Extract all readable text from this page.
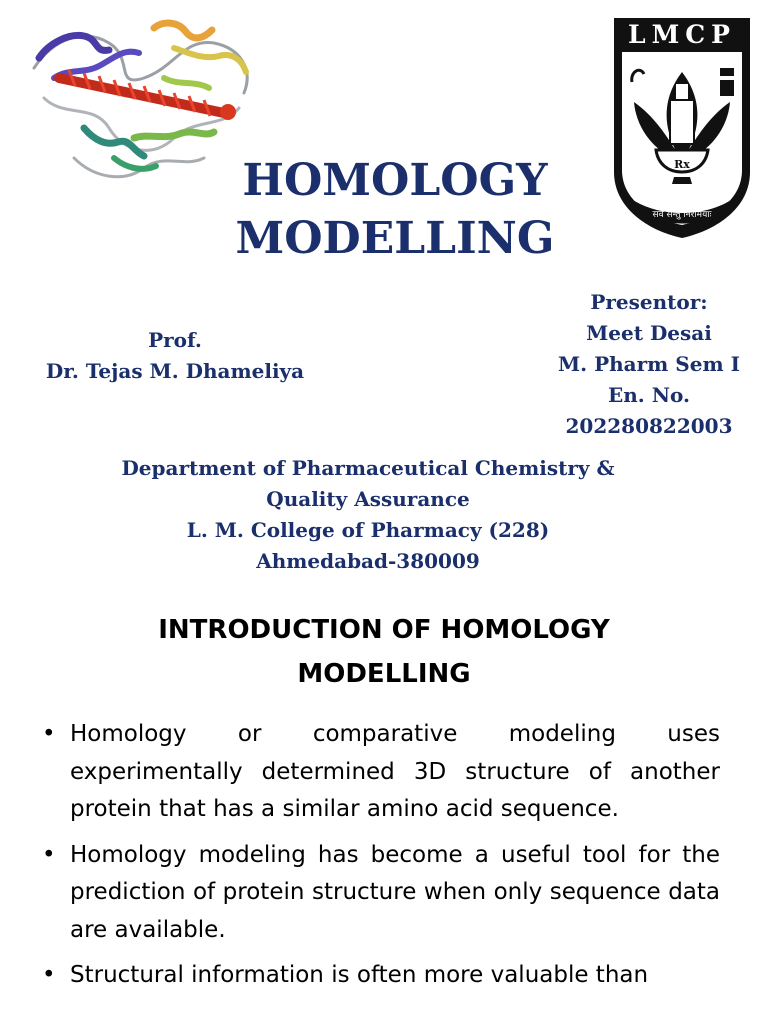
LMCP
Rx
सर्वे सन्तु निरामयाः
HOMOLOGY
MODELLING
Prof.
Dr. Tejas M. Dhameliya
Presentor:
Meet Desai
M. Pharm Sem I
En. No.
202280822003
Department of Pharmaceutical Chemistry &
Quality Assurance
L. M. College of Pharmacy (228)
Ahmedabad-380009
INTRODUCTION OF HOMOLOGY
MODELLING
• Homology or comparative modeling uses experimentally determined 3D structure of another protein that has a similar amino acid sequence.
• Homology modeling has become a useful tool for the prediction of protein structure when only sequence data are available.
• Structural information is often more valuable than
